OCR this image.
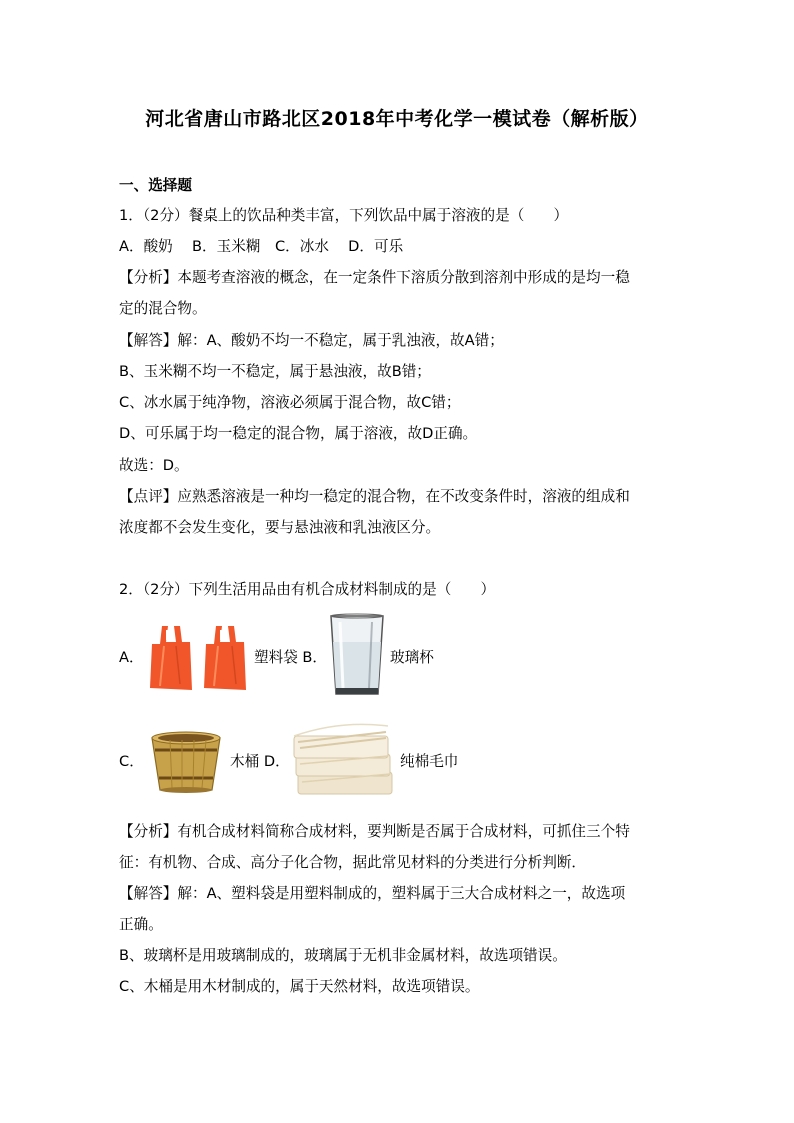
河北省唐山市路北区2018年中考化学一模试卷（解析版）
一、选择题
1．（2分）餐桌上的饮品种类丰富，下列饮品中属于溶液的是（　　）
A．酸奶　 B．玉米糊　C．冰水　 D．可乐
【分析】本题考查溶液的概念，在一定条件下溶质分散到溶剂中形成的是均一稳
定的混合物。
【解答】解：A、酸奶不均一不稳定，属于乳浊液，故A错；
B、玉米糊不均一不稳定，属于悬浊液，故B错；
C、冰水属于纯净物，溶液必须属于混合物，故C错；
D、可乐属于均一稳定的混合物，属于溶液，故D正确。
故选：D。
【点评】应熟悉溶液是一种均一稳定的混合物，在不改变条件时，溶液的组成和
浓度都不会发生变化，要与悬浊液和乳浊液区分。
2．（2分）下列生活用品由有机合成材料制成的是（　　）
A．	塑料袋 B．	玻璃杯
C．	木桶 D．	纯棉毛巾
【分析】有机合成材料简称合成材料，要判断是否属于合成材料，可抓住三个特
征：有机物、合成、高分子化合物，据此常见材料的分类进行分析判断．
【解答】解：A、塑料袋是用塑料制成的，塑料属于三大合成材料之一，故选项
正确。
B、玻璃杯是用玻璃制成的，玻璃属于无机非金属材料，故选项错误。
C、木桶是用木材制成的，属于天然材料，故选项错误。
